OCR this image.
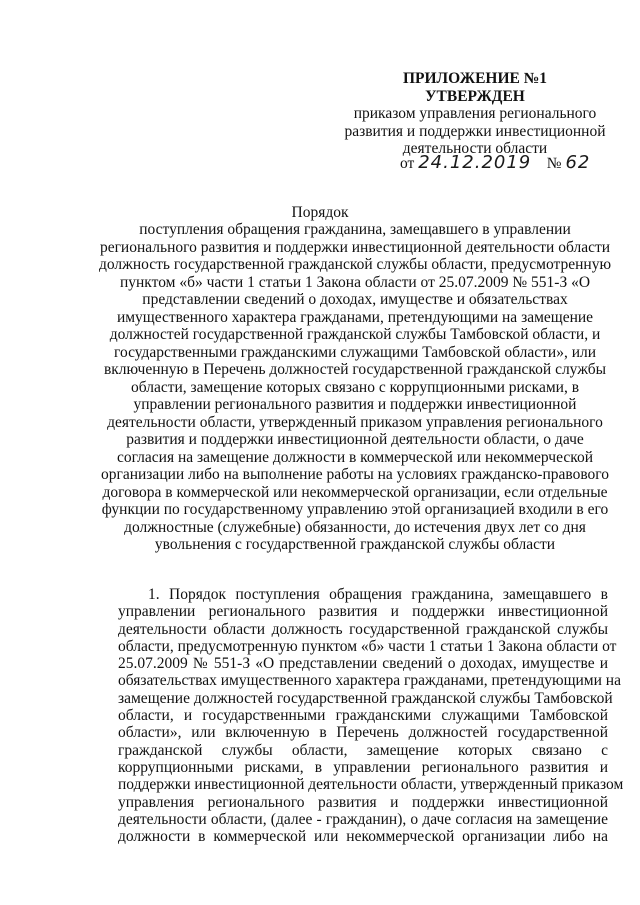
ПРИЛОЖЕНИЕ №1
УТВЕРЖДЕН
приказом управления регионального
развития и поддержки инвестиционной
деятельности области
от 24.12.2019 № 62
Порядок
поступления обращения гражданина, замещавшего в управлении
регионального развития и поддержки инвестиционной деятельности области
должность государственной гражданской службы области, предусмотренную
пунктом «б» части 1 статьи 1 Закона области от 25.07.2009 № 551-З «О
представлении сведений о доходах, имуществе и обязательствах
имущественного характера гражданами, претендующими на замещение
должностей государственной гражданской службы Тамбовской области, и
государственными гражданскими служащими Тамбовской области», или
включенную в Перечень должностей государственной гражданской службы
области, замещение которых связано с коррупционными рисками, в
управлении регионального развития и поддержки инвестиционной
деятельности области, утвержденный приказом управления регионального
развития и поддержки инвестиционной деятельности области, о даче
согласия на замещение должности в коммерческой или некоммерческой
организации либо на выполнение работы на условиях гражданско-правового
договора в коммерческой или некоммерческой организации, если отдельные
функции по государственному управлению этой организацией входили в его
должностные (служебные) обязанности, до истечения двух лет со дня
увольнения с государственной гражданской службы области
1. Порядок поступления обращения гражданина, замещавшего в
управлении регионального развития и поддержки инвестиционной
деятельности области должность государственной гражданской службы
области, предусмотренную пунктом «б» части 1 статьи 1 Закона области от
25.07.2009 № 551-З «О представлении сведений о доходах, имуществе и
обязательствах имущественного характера гражданами, претендующими на
замещение должностей государственной гражданской службы Тамбовской
области, и государственными гражданскими служащими Тамбовской
области», или включенную в Перечень должностей государственной
гражданской службы области, замещение которых связано с
коррупционными рисками, в управлении регионального развития и
поддержки инвестиционной деятельности области, утвержденный приказом
управления регионального развития и поддержки инвестиционной
деятельности области, (далее - гражданин), о даче согласия на замещение
должности в коммерческой или некоммерческой организации либо на
